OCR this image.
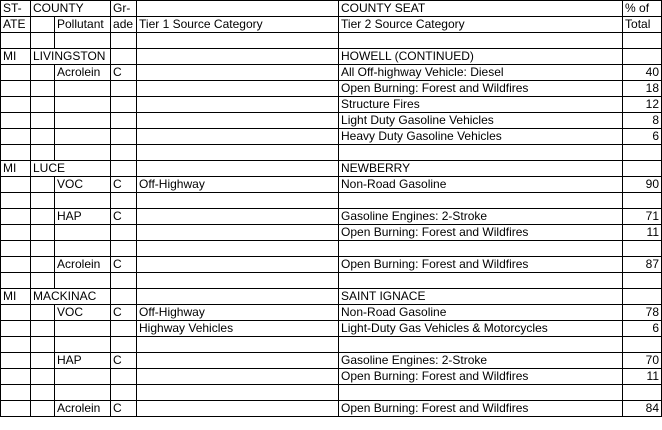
ST-	COUNTY		Gr-		COUNTY SEAT	% of
ATE		Pollutant	ade	Tier 1 Source Category	Tier 2 Source Category	Total

MI	LIVINGSTON				HOWELL (CONTINUED)	
		Acrolein	C		All Off-highway Vehicle: Diesel	40
					Open Burning: Forest and Wildfires	18
					Structure Fires	12
					Light Duty Gasoline Vehicles	8
					Heavy Duty Gasoline Vehicles	6

MI	LUCE				NEWBERRY	
		VOC	C	Off-Highway	Non-Road Gasoline	90

		HAP	C		Gasoline Engines: 2-Stroke	71
					Open Burning: Forest and Wildfires	11

		Acrolein	C		Open Burning: Forest and Wildfires	87

MI	MACKINAC				SAINT IGNACE	
		VOC	C	Off-Highway	Non-Road Gasoline	78
				Highway Vehicles	Light-Duty Gas Vehicles & Motorcycles	6

		HAP	C		Gasoline Engines: 2-Stroke	70
					Open Burning: Forest and Wildfires	11

		Acrolein	C		Open Burning: Forest and Wildfires	84
